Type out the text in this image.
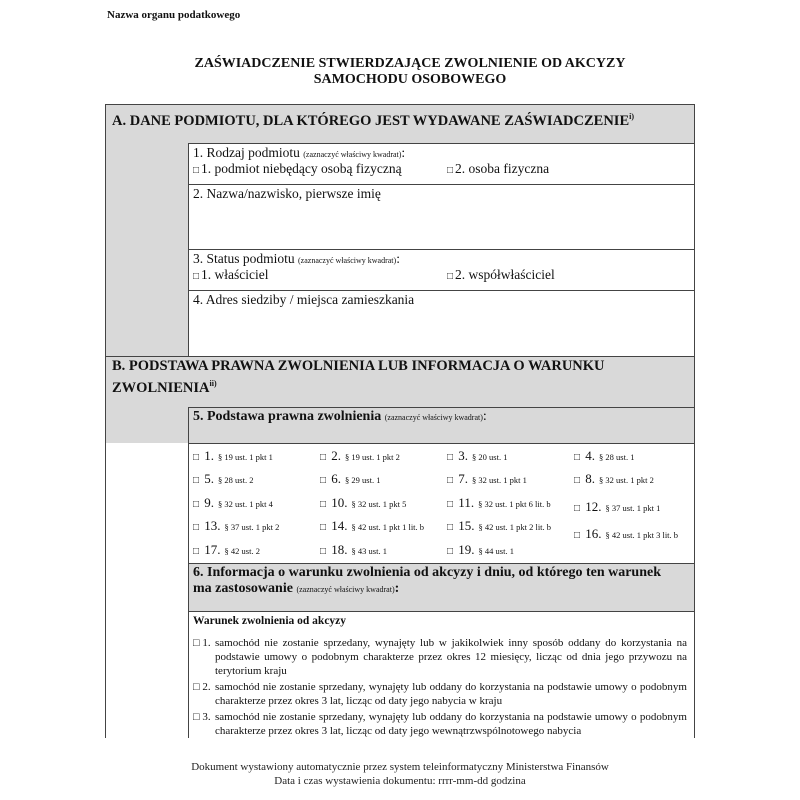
Nazwa organu podatkowego
ZAŚWIADCZENIE STWIERDZAJĄCE ZWOLNIENIE OD AKCYZY
SAMOCHODU OSOBOWEGO
A. DANE PODMIOTU, DLA KTÓREGO JEST WYDAWANE ZAŚWIADCZENIE$^{i)}$
1. Rodzaj podmiotu (zaznaczyć właściwy kwadrat):
□ 1. podmiot niebędący osobą fizyczną	□ 2. osoba fizyczna
2. Nazwa/nazwisko, pierwsze imię
3. Status podmiotu (zaznaczyć właściwy kwadrat):
□ 1. właściciel	□ 2. współwłaściciel
4. Adres siedziby / miejsca zamieszkania
B. PODSTAWA PRAWNA ZWOLNIENIA LUB INFORMACJA O WARUNKU
ZWOLNIENIA$^{ii)}$
5. Podstawa prawna zwolnienia (zaznaczyć właściwy kwadrat):
□ 1. § 19 ust. 1 pkt 1	□ 2. § 19 ust. 1 pkt 2	□ 3. § 20 ust. 1	□ 4. § 28 ust. 1
□ 5. § 28 ust. 2	□ 6. § 29 ust. 1	□ 7. § 32 ust. 1 pkt 1	□ 8. § 32 ust. 1 pkt 2
□ 9. § 32 ust. 1 pkt 4	□ 10. § 32 ust. 1 pkt 5	□ 11. § 32 ust. 1 pkt 6 lit. b □ 12. § 37 ust. 1 pkt 1
□ 13. § 37 ust. 1 pkt 2	□ 14. § 42 ust. 1 pkt 1 lit. b □ 15. § 42 ust. 1 pkt 2 lit. b
□ 16. § 42 ust. 1 pkt 3 lit. b
□ 17. § 42 ust. 2	□ 18. § 43 ust. 1	□ 19. § 44 ust. 1
6. Informacja o warunku zwolnienia od akcyzy i dniu, od którego ten warunek
ma zastosowanie (zaznaczyć właściwy kwadrat):
Warunek zwolnienia od akcyzy
□ 1. samochód nie zostanie sprzedany, wynajęty lub w jakikolwiek inny sposób oddany do korzystania na podstawie umowy o podobnym charakterze przez okres 12 miesięcy, licząc od dnia jego przywozu na terytorium kraju
□ 2. samochód nie zostanie sprzedany, wynajęty lub oddany do korzystania na podstawie umowy o podobnym charakterze przez okres 3 lat, licząc od daty jego nabycia w kraju
□ 3. samochód nie zostanie sprzedany, wynajęty lub oddany do korzystania na podstawie umowy o podobnym charakterze przez okres 3 lat, licząc od daty jego wewnątrzwspólnotowego nabycia
Dokument wystawiony automatycznie przez system teleinformatyczny Ministerstwa Finansów
Data i czas wystawienia dokumentu: rrrr-mm-dd godzina
